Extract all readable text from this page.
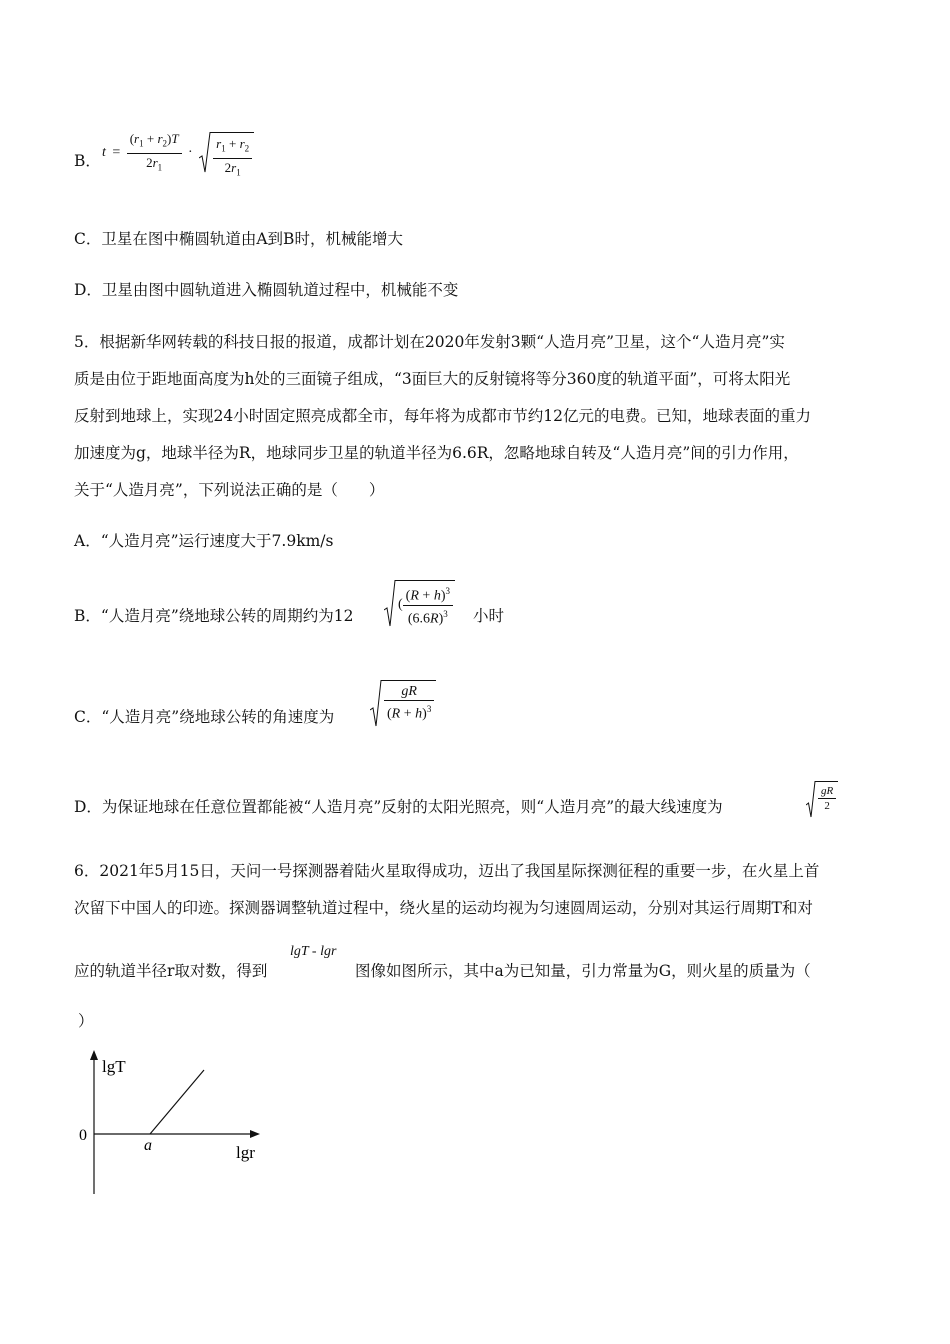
B． $t = \frac{(r_1 + r_2)T}{2r_1} \cdot \frac{r_1 + r_2}{2r_1}$
C．卫星在图中椭圆轨道由A到B时，机械能增大
D．卫星由图中圆轨道进入椭圆轨道过程中，机械能不变
5．根据新华网转载的科技日报的报道，成都计划在2020年发射3颗“人造月亮”卫星，这个“人造月亮”实
质是由位于距地面高度为h处的三面镜子组成，“3面巨大的反射镜将等分360度的轨道平面”，可将太阳光
反射到地球上，实现24小时固定照亮成都全市，每年将为成都市节约12亿元的电费。已知，地球表面的重力
加速度为g，地球半径为R，地球同步卫星的轨道半径为6.6R，忽略地球自转及“人造月亮”间的引力作用，
关于“人造月亮”，下列说法正确的是（　　）
A．“人造月亮”运行速度大于7.9km/s
B．“人造月亮”绕地球公转的周期约为12
( $\frac{(R + h)^3}{(6.6R)^3}$ 小时
C．“人造月亮”绕地球公转的角速度为	$\frac{gR}{(R + h)^3}$
D．为保证地球在任意位置都能被“人造月亮”反射的太阳光照亮，则“人造月亮”的最大线速度为	$\frac{gR}{2}$
6．2021年5月15日，天问一号探测器着陆火星取得成功，迈出了我国星际探测征程的重要一步，在火星上首
次留下中国人的印迹。探测器调整轨道过程中，绕火星的运动均视为匀速圆周运动，分别对其运行周期T和对
应的轨道半径r取对数，得到
lgT - lgr
图像如图所示，其中a为已知量，引力常量为G，则火星的质量为（
）
lgT
lgr
0
a
